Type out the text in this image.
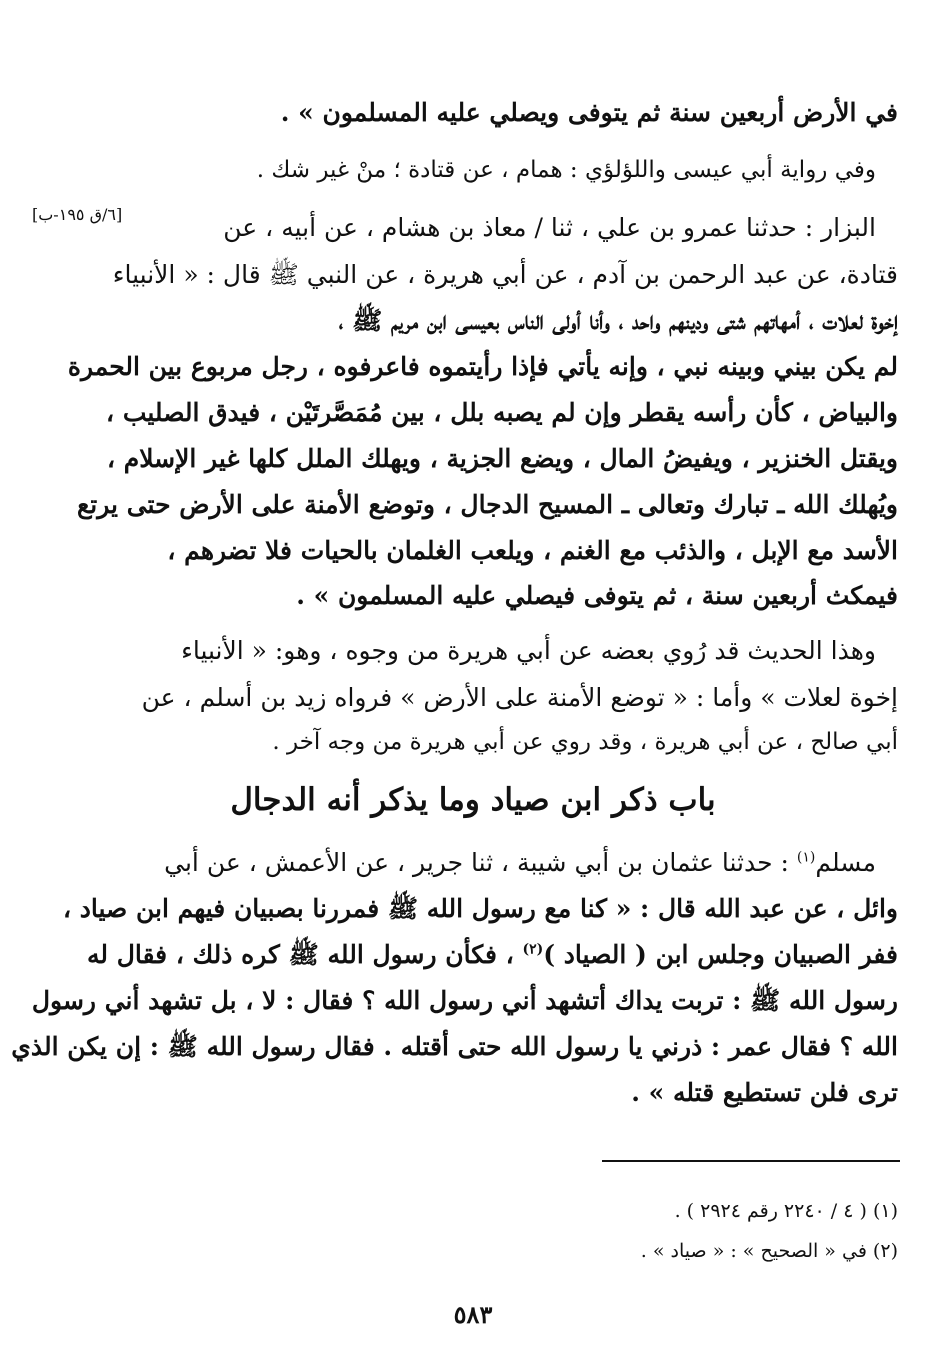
[٦/ق ١٩٥-ب]
في الأرض أربعين سنة ثم يتوفى ويصلي عليه المسلمون » .
وفي رواية أبي عيسى واللؤلؤي : همام ، عن قتادة ؛ منْ غير شك .
البزار : حدثنا عمرو بن علي ، ثنا / معاذ بن هشام ، عن أبيه ، عن
قتادة، عن عبد الرحمن بن آدم ، عن أبي هريرة ، عن النبي ﷺ قال : « الأنبياء
إخوة لعلات ، أمهاتهم شتى ودينهم واحد ، وأنا أولى الناس بعيسى ابن مريم ﷺ ،
لم يكن بيني وبينه نبي ، وإنه يأتي فإذا رأيتموه فاعرفوه ، رجل مربوع بين الحمرة
والبياض ، كأن رأسه يقطر وإن لم يصبه بلل ، بين مُمَصَّرتَيْن ، فيدق الصليب ،
ويقتل الخنزير ، ويفيضُ المال ، ويضع الجزية ، ويهلك الملل كلها غير الإسلام ،
ويُهلك الله ـ تبارك وتعالى ـ المسيح الدجال ، وتوضع الأمنة على الأرض حتى يرتع
الأسد مع الإبل ، والذئب مع الغنم ، ويلعب الغلمان بالحيات فلا تضرهم ،
فيمكث أربعين سنة ، ثم يتوفى فيصلي عليه المسلمون » .
وهذا الحديث قد رُوي بعضه عن أبي هريرة من وجوه ، وهو: « الأنبياء
إخوة لعلات » وأما : « توضع الأمنة على الأرض » فرواه زيد بن أسلم ، عن
أبي صالح ، عن أبي هريرة ، وقد روي عن أبي هريرة من وجه آخر .
باب ذكر ابن صياد وما يذكر أنه الدجال
مسلم$^{(١)}$ : حدثنا عثمان بن أبي شيبة ، ثنا جرير ، عن الأعمش ، عن أبي
وائل ، عن عبد الله قال : « كنا مع رسول الله ﷺ فمررنا بصبيان فيهم ابن صياد ،
ففر الصبيان وجلس ابن ( الصياد )$^{(٢)}$ ، فكأن رسول الله ﷺ كره ذلك ، فقال له
رسول الله ﷺ : تربت يداك أتشهد أني رسول الله ؟ فقال : لا ، بل تشهد أني رسول
الله ؟ فقال عمر : ذرني يا رسول الله حتى أقتله . فقال رسول الله ﷺ : إن يكن الذي
ترى فلن تستطيع قتله » .
(١) ( ٤ / ٢٢٤٠ رقم ٢٩٢٤ ) .
(٢) في « الصحيح » : « صياد » .
٥٨٣
